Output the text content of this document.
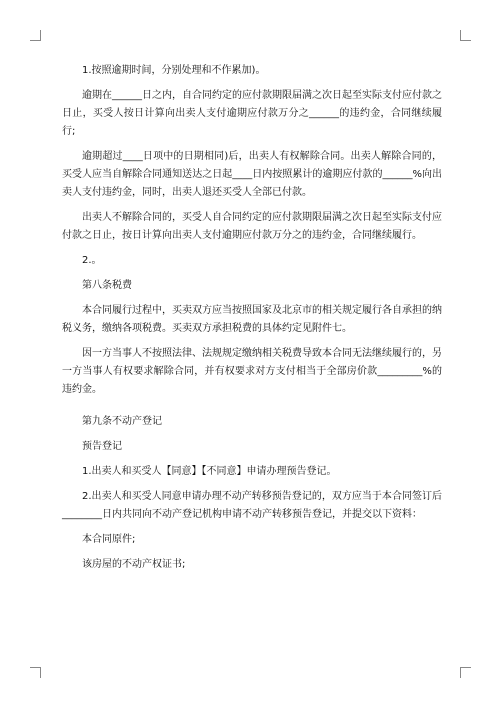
1.按照逾期时间，分别处理和不作累加)。

逾期在______日之内，自合同约定的应付款期限届满之次日起至实际支付应付款之日止，买受人按日计算向出卖人支付逾期应付款万分之______的违约金，合同继续履行;

逾期超过____日项中的日期相同)后，出卖人有权解除合同。出卖人解除合同的，买受人应当自解除合同通知送达之日起____日内按照累计的逾期应付款的______%向出卖人支付违约金，同时，出卖人退还买受人全部已付款。

出卖人不解除合同的，买受人自合同约定的应付款期限届满之次日起至实际支付应付款之日止，按日计算向出卖人支付逾期应付款万分之的违约金，合同继续履行。

2.。

第八条税费

本合同履行过程中，买卖双方应当按照国家及北京市的相关规定履行各自承担的纳税义务，缴纳各项税费。买卖双方承担税费的具体约定见附件七。

因一方当事人不按照法律、法规规定缴纳相关税费导致本合同无法继续履行的，另一方当事人有权要求解除合同，并有权要求对方支付相当于全部房价款_________%的违约金。

第九条不动产登记

预告登记

1.出卖人和买受人【同意】【不同意】申请办理预告登记。

2.出卖人和买受人同意申请办理不动产转移预告登记的，双方应当于本合同签订后________日内共同向不动产登记机构申请不动产转移预告登记，并提交以下资料：

本合同原件;

该房屋的不动产权证书;
